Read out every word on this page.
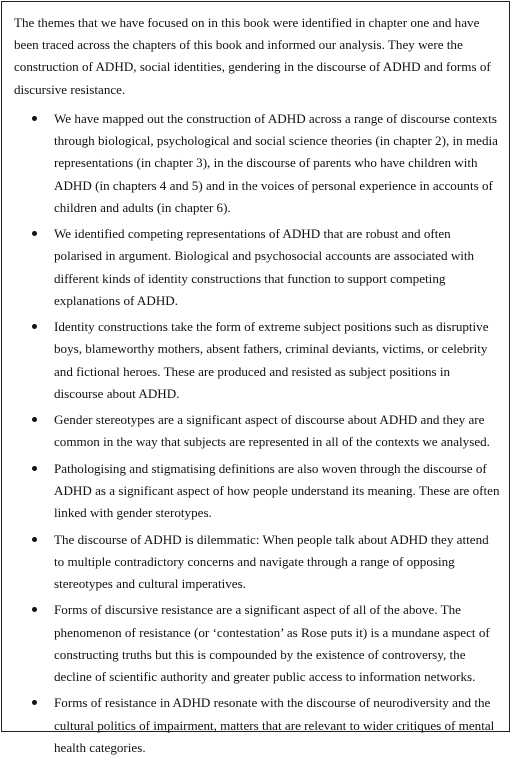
The themes that we have focused on in this book were identified in chapter one and have been traced across the chapters of this book and informed our analysis. They were the construction of ADHD, social identities, gendering in the discourse of ADHD and forms of discursive resistance.

We have mapped out the construction of ADHD across a range of discourse contexts through biological, psychological and social science theories (in chapter 2), in media representations (in chapter 3), in the discourse of parents who have children with ADHD (in chapters 4 and 5) and in the voices of personal experience in accounts of children and adults (in chapter 6).
We identified competing representations of ADHD that are robust and often polarised in argument. Biological and psychosocial accounts are associated with different kinds of identity constructions that function to support competing explanations of ADHD.
Identity constructions take the form of extreme subject positions such as disruptive boys, blameworthy mothers, absent fathers, criminal deviants, victims, or celebrity and fictional heroes. These are produced and resisted as subject positions in discourse about ADHD.
Gender stereotypes are a significant aspect of discourse about ADHD and they are common in the way that subjects are represented in all of the contexts we analysed.
Pathologising and stigmatising definitions are also woven through the discourse of ADHD as a significant aspect of how people understand its meaning. These are often linked with gender sterotypes.
The discourse of ADHD is dilemmatic: When people talk about ADHD they attend to multiple contradictory concerns and navigate through a range of opposing stereotypes and cultural imperatives.
Forms of discursive resistance are a significant aspect of all of the above. The phenomenon of resistance (or ‘contestation’ as Rose puts it) is a mundane aspect of constructing truths but this is compounded by the existence of controversy, the decline of scientific authority and greater public access to information networks.
Forms of resistance in ADHD resonate with the discourse of neurodiversity and the cultural politics of impairment, matters that are relevant to wider critiques of mental health categories.
